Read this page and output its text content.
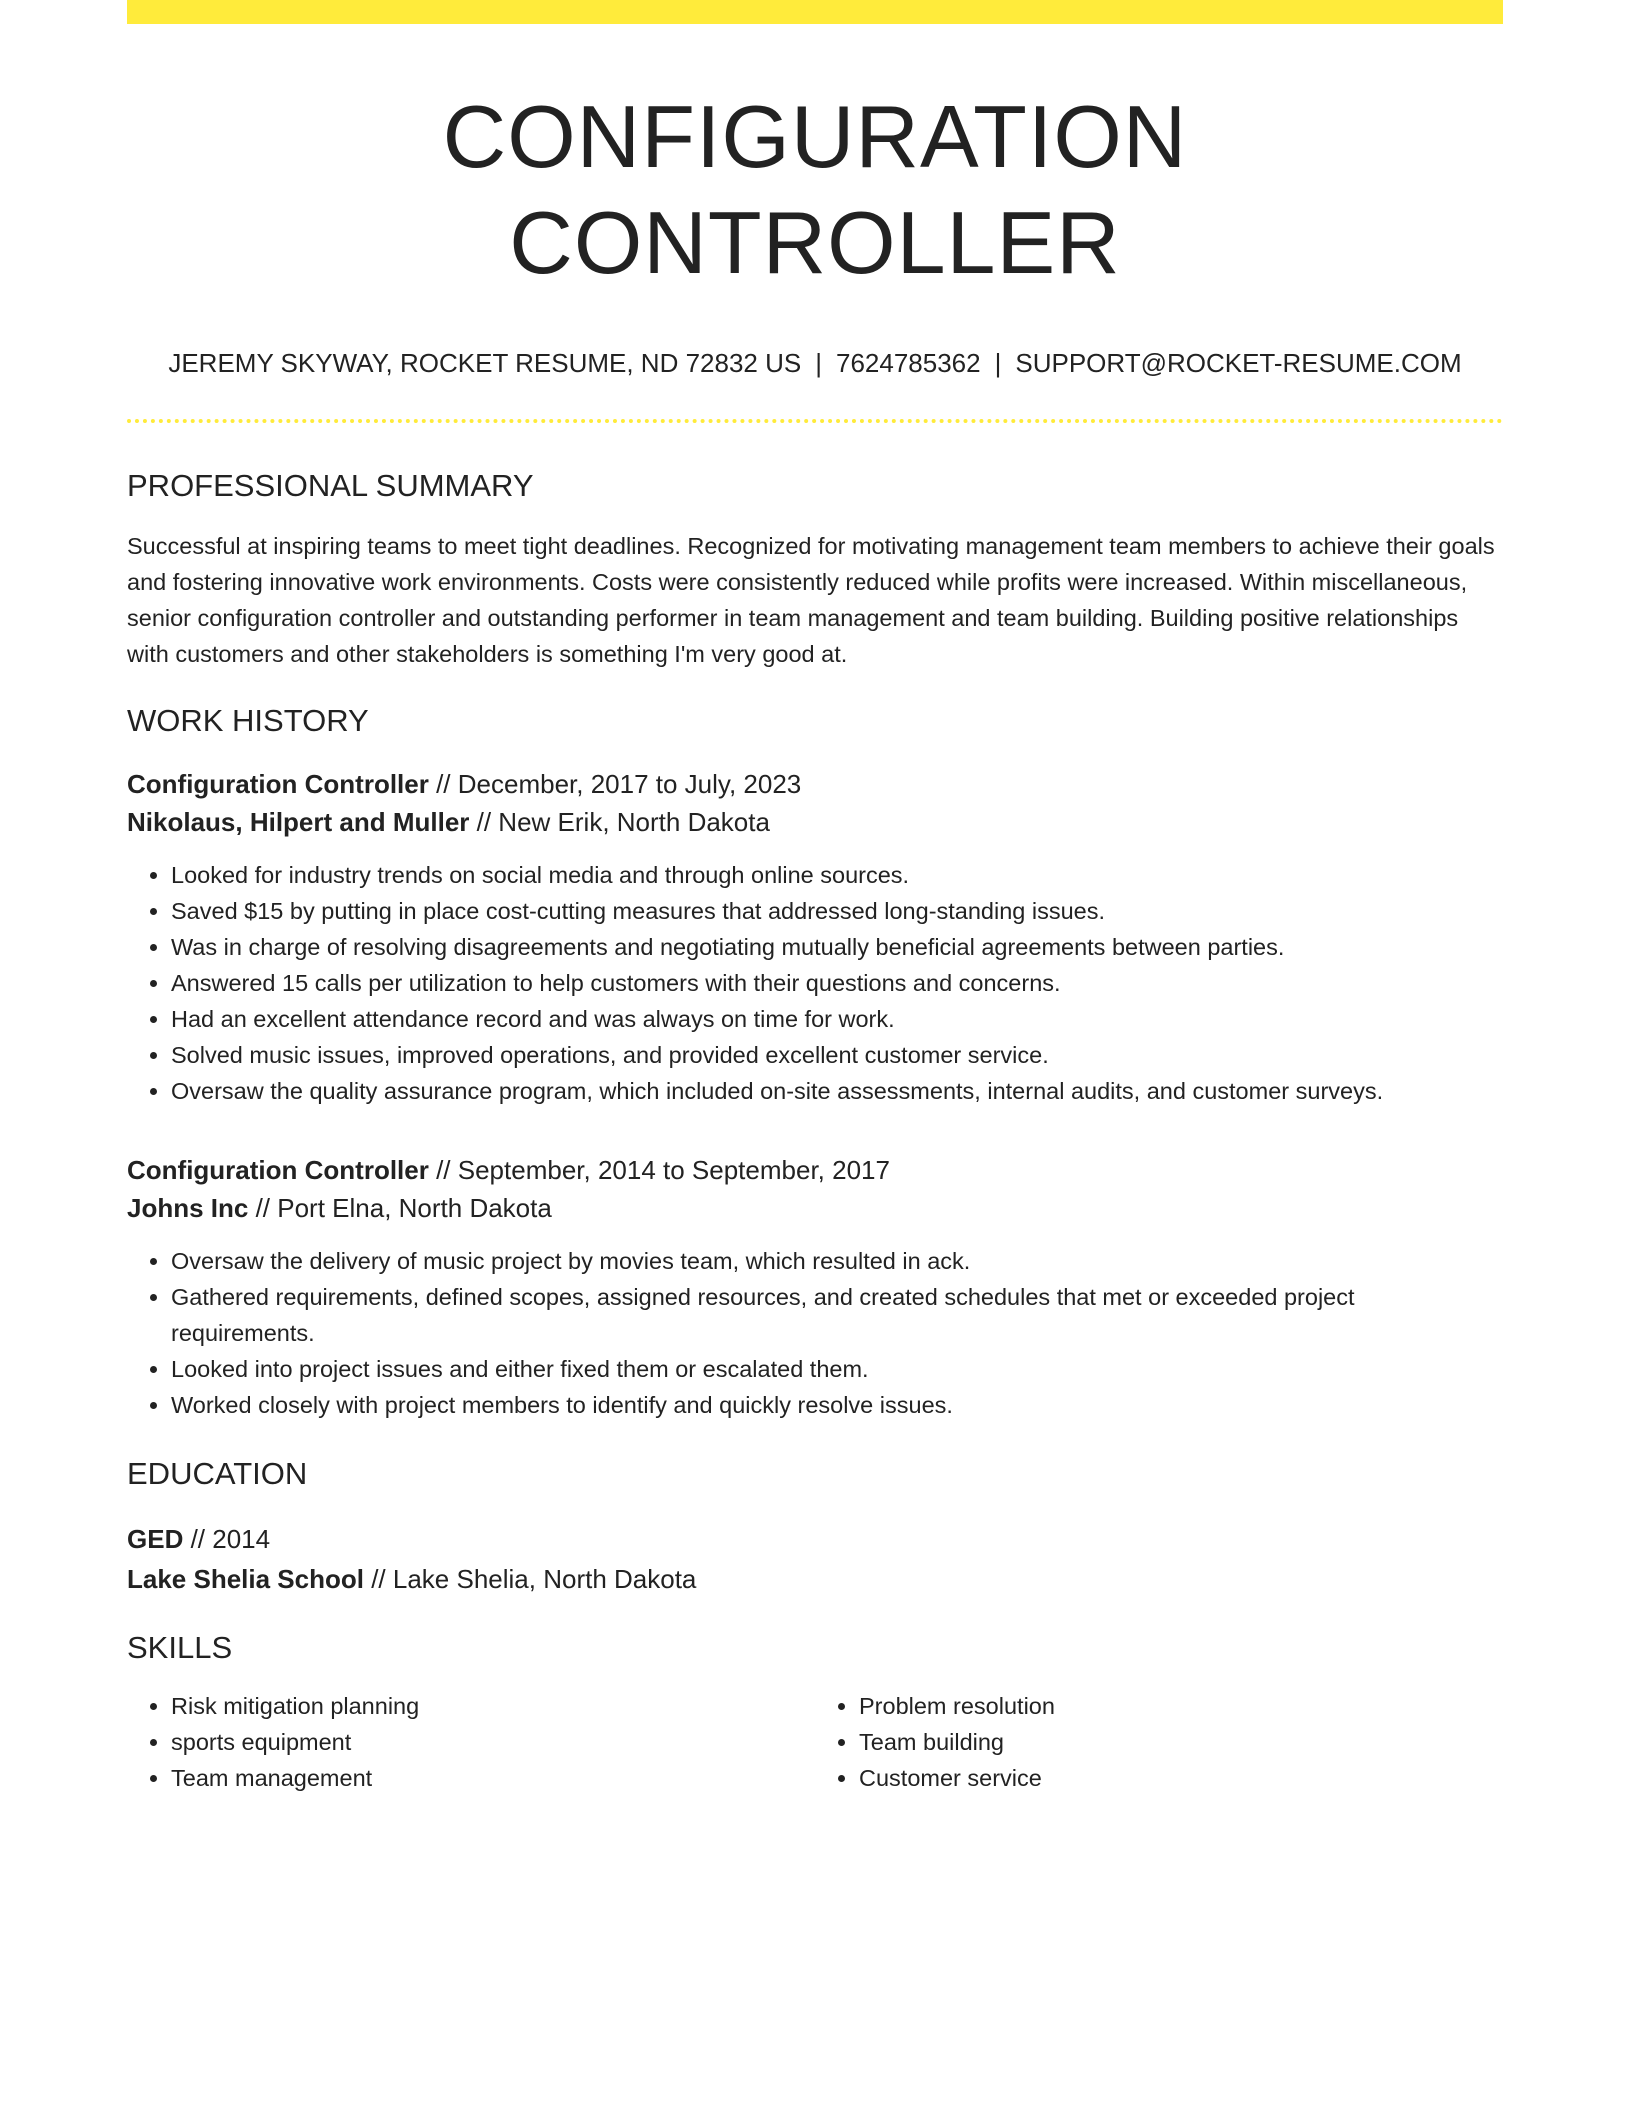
CONFIGURATION CONTROLLER
JEREMY SKYWAY, ROCKET RESUME, ND 72832 US | 7624785362 | SUPPORT@ROCKET-RESUME.COM
PROFESSIONAL SUMMARY

Successful at inspiring teams to meet tight deadlines. Recognized for motivating management team members to achieve their goals and fostering innovative work environments. Costs were consistently reduced while profits were increased. Within miscellaneous, senior configuration controller and outstanding performer in team management and team building. Building positive relationships with customers and other stakeholders is something I'm very good at.

WORK HISTORY
Configuration Controller // December, 2017 to July, 2023
Nikolaus, Hilpert and Muller // New Erik, North Dakota
• Looked for industry trends on social media and through online sources.
• Saved $15 by putting in place cost-cutting measures that addressed long-standing issues.
• Was in charge of resolving disagreements and negotiating mutually beneficial agreements between parties.
• Answered 15 calls per utilization to help customers with their questions and concerns.
• Had an excellent attendance record and was always on time for work.
• Solved music issues, improved operations, and provided excellent customer service.
• Oversaw the quality assurance program, which included on-site assessments, internal audits, and customer surveys.
Configuration Controller // September, 2014 to September, 2017
Johns Inc // Port Elna, North Dakota
• Oversaw the delivery of music project by movies team, which resulted in ack.
• Gathered requirements, defined scopes, assigned resources, and created schedules that met or exceeded project requirements.
• Looked into project issues and either fixed them or escalated them.
• Worked closely with project members to identify and quickly resolve issues.
EDUCATION
GED // 2014
Lake Shelia School // Lake Shelia, North Dakota
SKILLS
• Risk mitigation planning
• sports equipment
• Team management
• Problem resolution
• Team building
• Customer service
